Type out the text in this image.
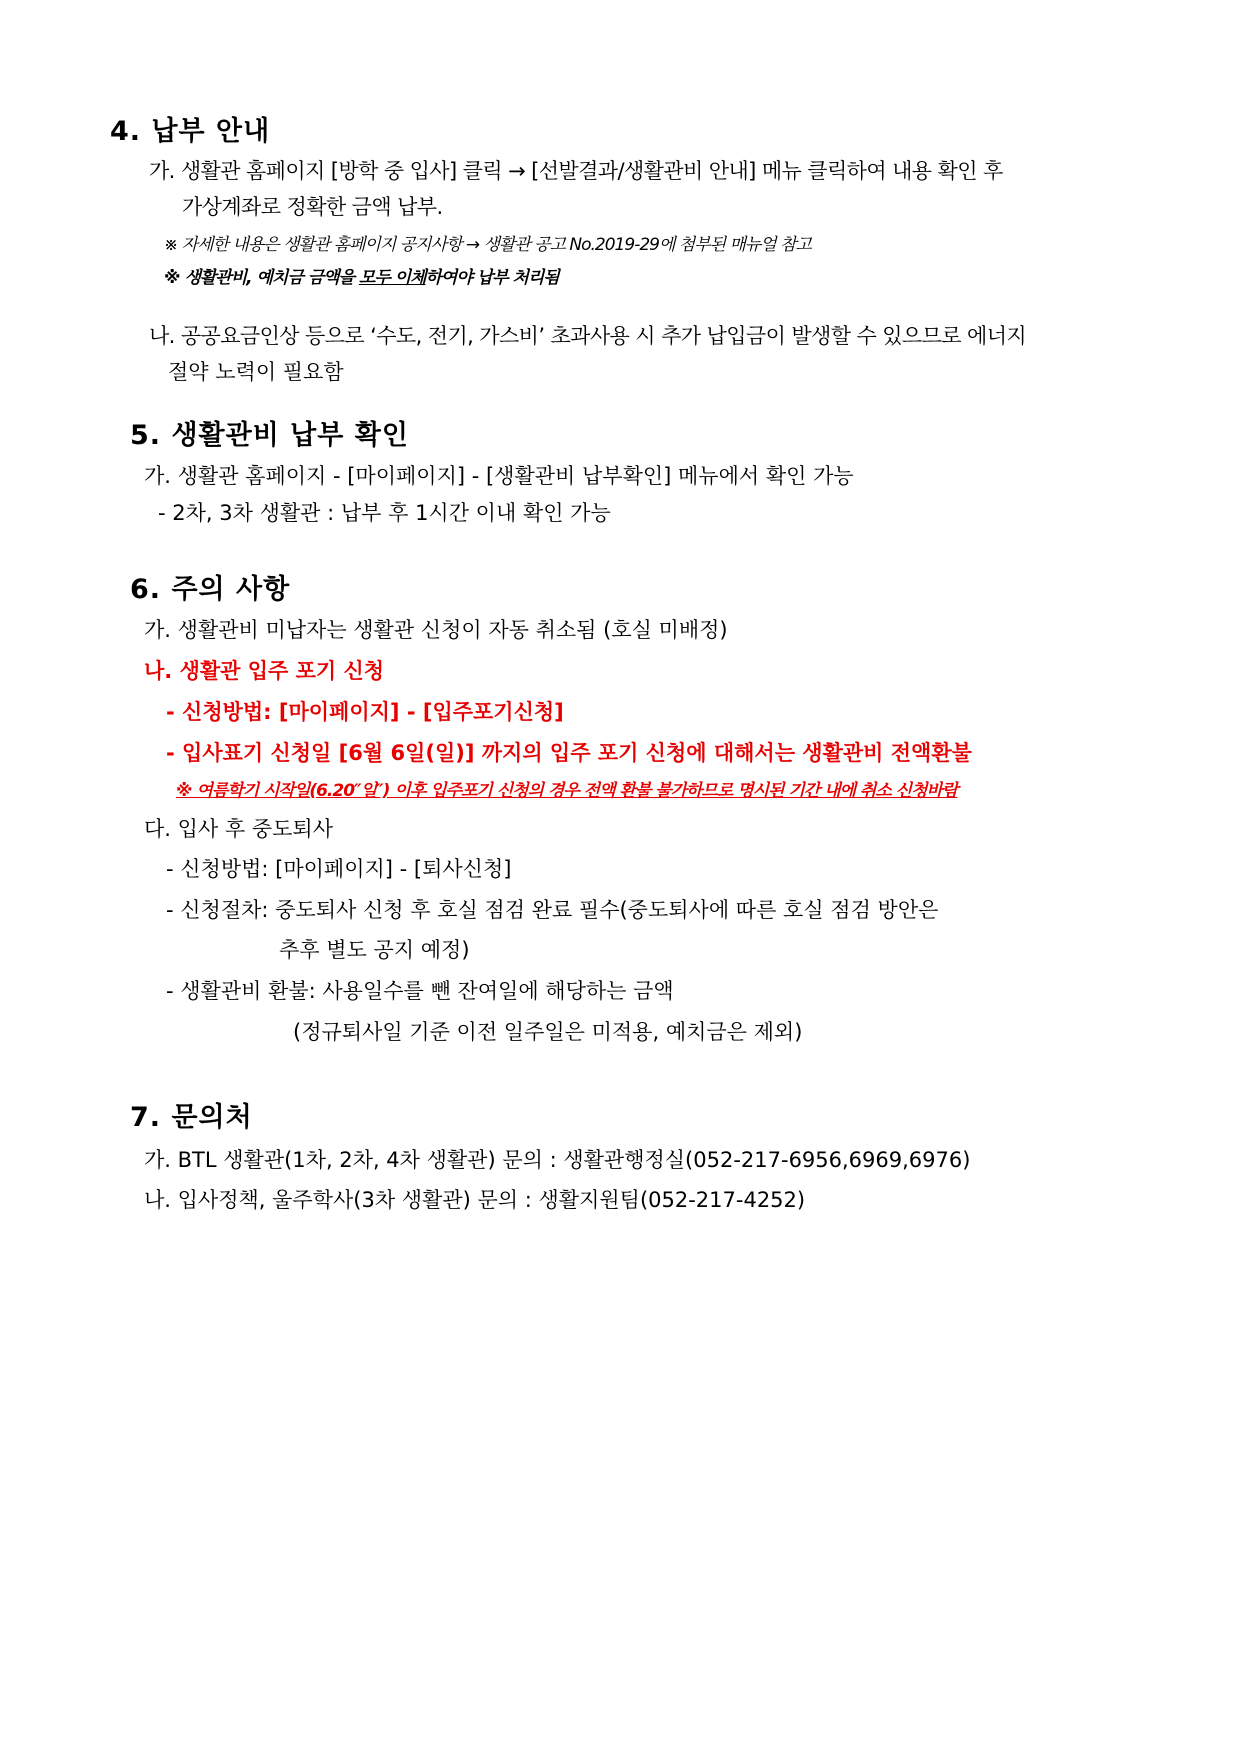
4. 납부 안내
가. 생활관 홈페이지 [방학 중 입사] 클릭 → [선발결과/생활관비 안내] 메뉴 클릭하여 내용 확인 후
가상계좌로 정확한 금액 납부.
※ 자세한 내용은 생활관 홈페이지 공지사항 → 생활관 공고 No.2019-29에 첨부된 매뉴얼 참고
※ 생활관비, 예치금 금액을 모두 이체하여야 납부 처리됨
나. 공공요금인상 등으로 ‘수도, 전기, 가스비’ 초과사용 시 추가 납입금이 발생할 수 있으므로 에너지
절약 노력이 필요함
5. 생활관비 납부 확인
가. 생활관 홈페이지 - [마이페이지] - [생활관비 납부확인] 메뉴에서 확인 가능
- 2차, 3차 생활관 : 납부 후 1시간 이내 확인 가능
6. 주의 사항
가. 생활관비 미납자는 생활관 신청이 자동 취소됨 (호실 미배정)
나. 생활관 입주 포기 신청
- 신청방법: [마이페이지] - [입주포기신청]
- 입사표기 신청일 [6월 6일(일)] 까지의 입주 포기 신청에 대해서는 생활관비 전액환불
※ 여름학기 시작일(6.20″일″) 이후 입주포기 신청의 경우 전액 환불 불가하므로 명시된 기간 내에 취소 신청바람
다. 입사 후 중도퇴사
- 신청방법: [마이페이지] - [퇴사신청]
- 신청절차: 중도퇴사 신청 후 호실 점검 완료 필수(중도퇴사에 따른 호실 점검 방안은
추후 별도 공지 예정)
- 생활관비 환불: 사용일수를 뺀 잔여일에 해당하는 금액
(정규퇴사일 기준 이전 일주일은 미적용, 예치금은 제외)
7. 문의처
가. BTL 생활관(1차, 2차, 4차 생활관) 문의 : 생활관행정실(052-217-6956,6969,6976)
나. 입사정책, 울주학사(3차 생활관) 문의 : 생활지원팀(052-217-4252)
